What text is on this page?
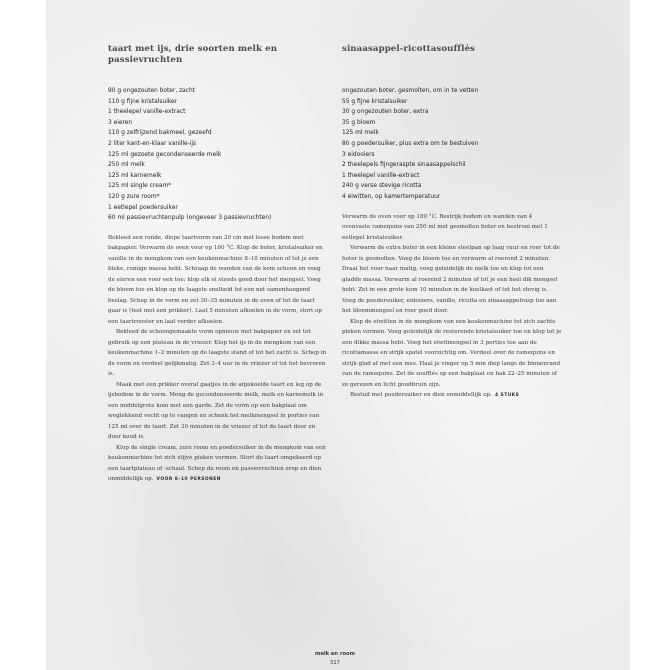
taart met ijs, drie soorten melk en passievruchten
90 g ongezouten boter, zacht
110 g fijne kristalsuiker
1 theelepel vanille-extract
3 eieren
110 g zelfrijzend bakmeel, gezeefd
2 liter kant-en-klaar vanille-ijs
125 ml gezoete gecondenseerde melk
250 ml melk
125 ml karnemelk
125 ml single cream*
120 g zure room*
1 eetlepel poedersuiker
60 ml passievruchtenpulp (ongeveer 3 passievruchten)

Bekleed een ronde, diepe taartvorm van 20 cm met losse bodem met bakpapier. Verwarm de oven voor op 160 °C. Klop de boter, kristalsuiker en vanille in de mengkom van een keukenmachine 8–10 minuten of tot je een bleke, romige massa hebt. Schraap de wanden van de kom schoon en voeg de eieren een voor een toe; klop elk ei steeds goed door het mengsel. Voeg de bloem toe en klop op de laagste snelheid tot een net samenhangend beslag. Schep in de vorm en zet 30–35 minuten in de oven of tot de taart gaar is (test met een prikker). Laat 5 minuten afkoelen in de vorm, stort op een taartrooster en laat verder afkoelen.

Bekleed de schoongemaakte vorm opnieuw met bakpapier en zet tot gebruik op een plateau in de vriezer. Klop het ijs in de mengkom van een keukenmachine 1–2 minuten op de laagste stand of tot het zacht is. Schep in de vorm en verdeel gelijkmatig. Zet 3–4 uur in de vriezer of tot het bevroren is.

Maak met een prikker overal gaatjes in de afgekoelde taart en leg op de ijsbodem in de vorm. Meng de gecondenseerde melk, melk en karnemelk in een middelgrote kom met een garde. Zet de vorm op een bakplaat om weglekkend vocht op te vangen en schenk het melkmengsel in porties van 125 ml over de taart. Zet 30 minuten in de vriezer of tot de taart door en door koud is.

Klop de single cream, zure room en poedersuiker in de mengkom van een keukenmachine tot zich stijve pieken vormen. Stort de taart omgekeerd op een taartplateau of -schaal. Schep de room en passievruchten erop en dien onmiddellijk op. VOOR 8–10 PERSONEN

sinaasappel-ricottasoufflés
ongezouten boter, gesmolten, om in te vetten
55 g fijne kristalsuiker
30 g ongezouten boter, extra
35 g bloem
125 ml melk
80 g poedersuiker, plus extra om te bestuiven
3 eidooiers
2 theelepels fijngeraspte sinaasappelschil
1 theelepel vanille-extract
240 g verse stevige ricotta
4 eiwitten, op kamertemperatuur

Verwarm de oven voor op 180 °C. Bestrijk bodem en wanden van 4 ovenvaste ramequins van 250 ml met gesmolten boter en bestrooi met 1 eetlepel kristalsuiker.

Verwarm de extra boter in een kleine steelpan op laag vuur en roer tot de boter is gesmolten. Voeg de bloem toe en verwarm al roerend 2 minuten. Draai het vuur naar matig, voeg geleidelijk de melk toe en klop tot een gladde massa. Verwarm al roerend 2 minuten of tot je een heel dik mengsel hebt. Zet in een grote kom 10 minuten in de koelkast of tot het stevig is. Voeg de poedersuiker, eidooiers, vanille, ricotta en sinaasappelrasp toe aan het bloemmengsel en roer goed door.

Klop de eiwitten in de mengkom van een keukenmachine tot zich zachte pieken vormen. Voeg geleidelijk de resterende kristalsuiker toe en klop tot je een dikke massa hebt. Voeg het eiwitmengsel in 3 porties toe aan de ricottamassa en strijk spatel voorzichtig om. Verdeel over de ramequins en strijk glad af met een mes. Haal je vinger op 5 mm diep langs de binnenrand van de ramequins. Zet de soufflés op een bakplaat en bak 22–25 minuten of ze gerezen en licht goudbruin zijn.

Bestuif met poedersuiker en dien onmiddellijk op. 4 STUKS

melk en room
317
